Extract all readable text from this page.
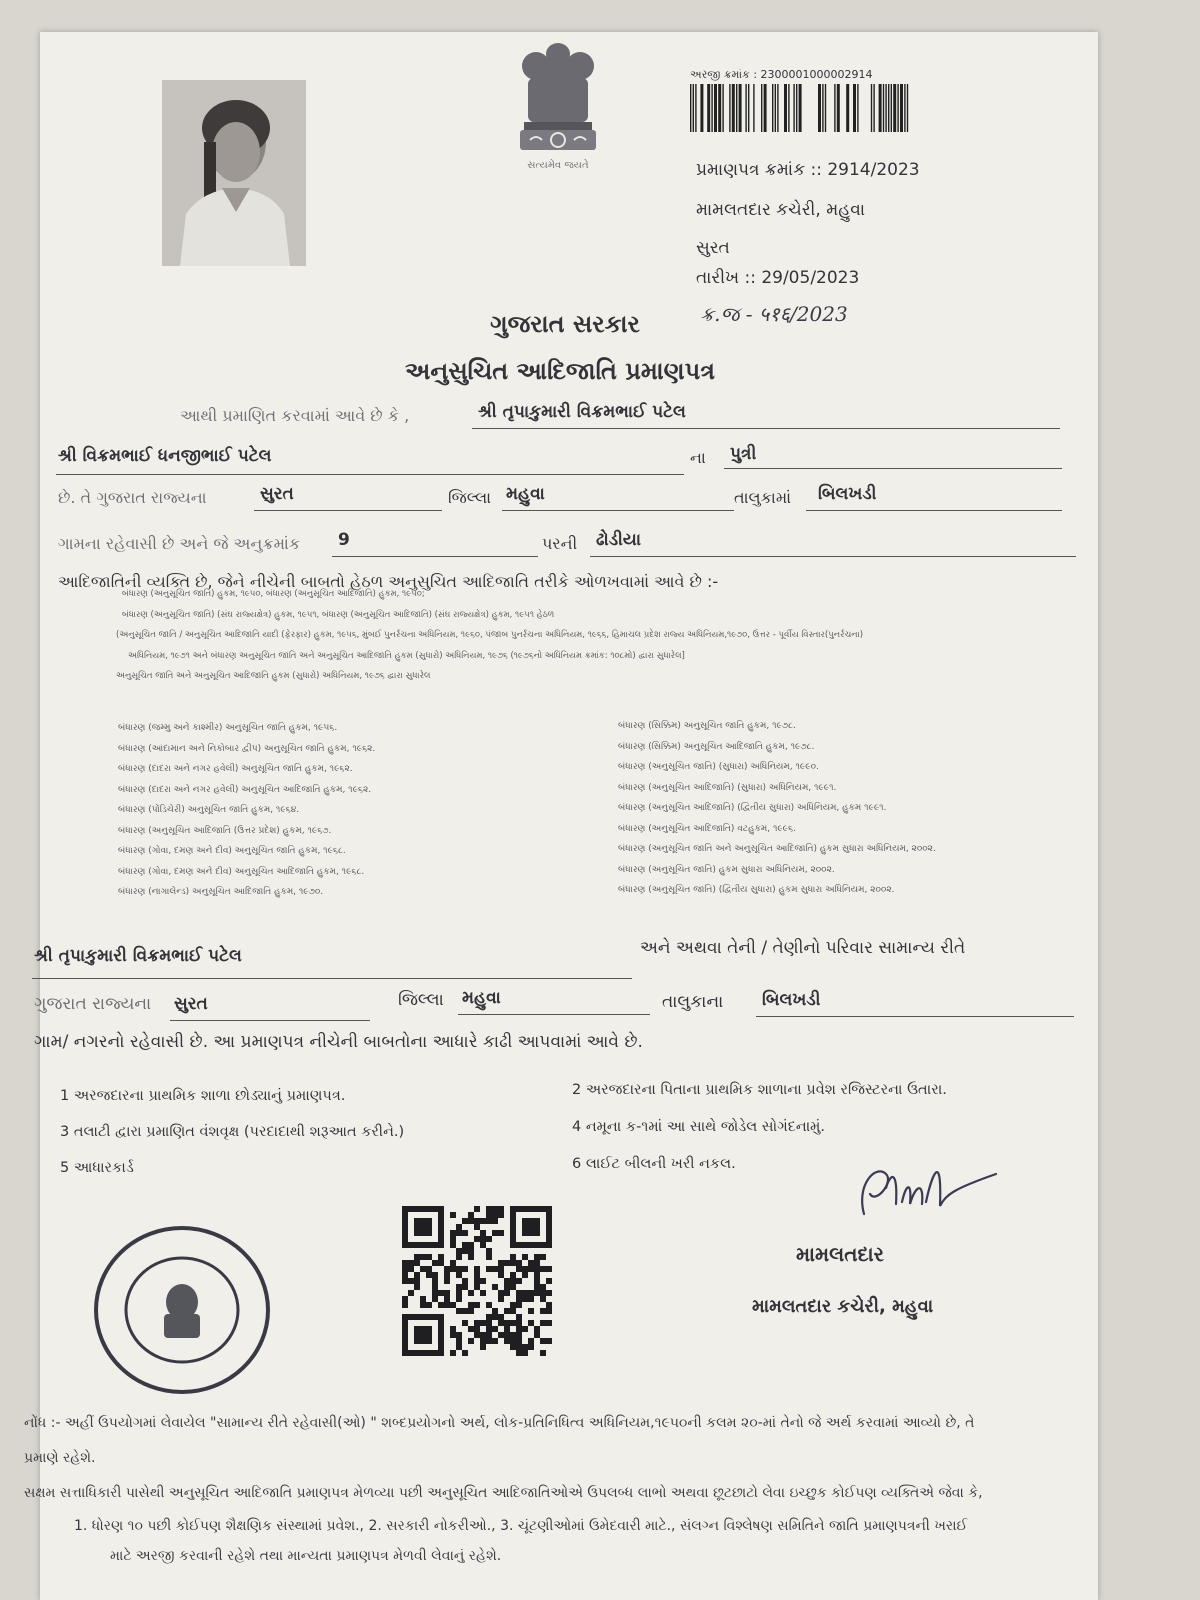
સત્યમેવ જયતે
અરજી ક્રમાંક : 2300001000002914
પ્રમાણપત્ર ક્રમાંક :: 2914/2023
મામલતદાર કચેરી, મહુવા
સુરત
તારીખ :: 29/05/2023
ક્ર.જ - ५१६/2023
ગુજરાત સરકાર
અનુસુચિત આદિજાતિ પ્રમાણપત્ર
આથી પ્રમાણિત કરવામાં આવે છે કે ,	શ્રી તૃપાકુમારી વિક્રમભાઈ પટેલ
શ્રી વિક્રમભાઈ ધનજીભાઈ પટેલ	ના પુત્રી
છે. તે ગુજરાત રાજ્યના	સુરત	જિલ્લા મહુવા	તાલુકામાં બિલખડી
ગામના રહેવાસી છે અને જે અનુક્રમાંક 9	પરની ઢોડીયા
આદિજાતિની વ્યક્તિ છે, જેને નીચેની બાબતો હેઠળ અનુસુચિત આદિજાતિ તરીકે ઓળખવામાં આવે છે :-
બંધારણ (અનુસૂચિત જાતિ) હુકમ, ૧૯૫૦, બંધારણ (અનુસૂચિત આદિજાતિ) હુકમ, ૧૯૫૦;
બંધારણ (અનુસૂચિત જાતિ) (સંઘ રાજ્યક્ષેત્ર) હુકમ, ૧૯૫૧, બંધારણ (અનુસૂચિત આદિજાતિ) (સંઘ રાજ્યક્ષેત્ર) હુકમ, ૧૯૫૧ હેઠળ
(અનુસૂચિત જાતિ / અનુસૂચિત આદિજાતિ યાદી (ફેરફાર) હુકમ, ૧૯૫૬, મુંબઈ પુનર્રચના અધિનિયમ, ૧૯૬૦, પંજાબ પુનર્રચના અધિનિયમ, ૧૯૬૬, હિમાચલ પ્રદેશ રાજ્ય અધિનિયમ,૧૯૭૦, ઉત્તર - પૂર્વીય વિસ્તાર(પુનર્રચના)
અધિનિયમ, ૧૯૭૧ અને બંધારણ અનુસૂચિત જાતિ અને અનુસૂચિત આદિજાતિ હુકમ (સુધારો) અધિનિયમ, ૧૯૭૬ (૧૯૭૬નો અધિનિયમ ક્રમાંક: ૧૦૮મો) દ્વારા સુધારેલ]
અનુસૂચિત જાતિ અને અનુસૂચિત આદિજાતિ હુકમ (સુધારો) અધિનિયમ, ૧૯૭૬ દ્વારા સુધારેલ
બંધારણ (જમ્મુ અને કાશ્મીર) અનુસૂચિત જાતિ હુકમ, ૧૯૫૬.
બંધારણ (આંદામાન અને નિકોબાર દ્વીપ) અનુસૂચિત જાતિ હુકમ, ૧૯૬૨.
બંધારણ (દાદરા અને નગર હવેલી) અનુસૂચિત જાતિ હુકમ, ૧૯૬૨.
બંધારણ (દાદરા અને નગર હવેલી) અનુસૂચિત આદિજાતિ હુકમ, ૧૯૬૨.
બંધારણ (પોંડિચેરી) અનુસૂચિત જાતિ હુકમ, ૧૯૬૪.
બંધારણ (અનુસૂચિત આદિજાતિ (ઉત્તર પ્રદેશ) હુકમ, ૧૯૬૭.
બંધારણ (ગોવા, દમણ અને દીવ) અનુસૂચિત જાતિ હુકમ, ૧૯૬૮.
બંધારણ (ગોવા, દમણ અને દીવ) અનુસૂચિત આદિજાતિ હુકમ, ૧૯૬૮.
બંધારણ (નાગાલેન્ડ) અનુસૂચિત આદિજાતિ હુકમ, ૧૯૭૦.
બંધારણ (સિક્કિમ) અનુસૂચિત જાતિ હુકમ, ૧૯૭૮.
બંધારણ (સિક્કિમ) અનુસૂચિત આદિજાતિ હુકમ, ૧૯૭૮.
બંધારણ (અનુસૂચિત જાતિ) (સુધારા) અધિનિયમ, ૧૯૯૦.
બંધારણ (અનુસૂચિત આદિજાતિ) (સુધારા) અધિનિયમ, ૧૯૯૧.
બંધારણ (અનુસૂચિત આદિજાતિ) (દ્વિતીય સુધારા) અધિનિયમ, હુકમ ૧૯૯૧.
બંધારણ (અનુસૂચિત આદિજાતિ) વટહુકમ, ૧૯૯૬.
બંધારણ (અનુસૂચિત જાતિ અને અનુસૂચિત આદિજાતિ) હુકમ સુધારા અધિનિયમ, ૨૦૦૨.
બંધારણ (અનુસૂચિત જાતિ) હુકમ સુધારા અધિનિયમ, ૨૦૦૨.
બંધારણ (અનુસૂચિત જાતિ) (દ્વિતીય સુધારા) હુકમ સુધારા અધિનિયમ, ૨૦૦૨.
શ્રી તૃપાકુમારી વિક્રમભાઈ પટેલ	અને અથવા તેની / તેણીનો પરિવાર સામાન્ય રીતે
ગુજરાત રાજ્યના સુરત	જિલ્લા મહુવા	તાલુકાના બિલખડી
ગામ/ નગરનો રહેવાસી છે. આ પ્રમાણપત્ર નીચેની બાબતોના આધારે કાઢી આપવામાં આવે છે.
1 અરજદારના પ્રાથમિક શાળા છોડ્યાનું પ્રમાણપત્ર.
3 તલાટી દ્વારા પ્રમાણિત વંશવૃક્ષ (પરદાદાથી શરૂઆત કરીને.)
5 આધારકાર્ડ
2 અરજદારના પિતાના પ્રાથમિક શાળાના પ્રવેશ રજિસ્ટરના ઉતારા.
4 નમૂના ક-૧માં આ સાથે જોડેલ સોગંદનામું.
6 લાઈટ બીલની ખરી નકલ.
મામલતદાર
મામલતદાર કચેરી, મહુવા
નોંધ :- અહીં ઉપયોગમાં લેવાયેલ "સામાન્ય રીતે રહેવાસી(ઓ) " શબ્દપ્રયોગનો અર્થ, લોક-પ્રતિનિધિત્વ અધિનિયમ,૧૯૫૦ની કલમ ૨૦-માં તેનો જે અર્થ કરવામાં આવ્યો છે, તે
પ્રમાણે રહેશે.
સક્ષમ સત્તાધિકારી પાસેથી અનુસૂચિત આદિજાતિ પ્રમાણપત્ર મેળવ્યા પછી અનુસૂચિત આદિજાતિઓએ ઉપલબ્ધ લાભો અથવા છૂટછાટો લેવા ઇચ્છુક કોઈપણ વ્યક્તિએ જેવા કે,
1. ધોરણ ૧૦ પછી કોઈપણ શૈક્ષણિક સંસ્થામાં પ્રવેશ., 2. સરકારી નોકરીઓ., 3. ચૂંટણીઓમાં ઉમેદવારી માટે., સંલગ્ન વિશ્લેષણ સમિતિને જાતિ પ્રમાણપત્રની ખરાઈ
માટે અરજી કરવાની રહેશે તથા માન્યતા પ્રમાણપત્ર મેળવી લેવાનું રહેશે.
